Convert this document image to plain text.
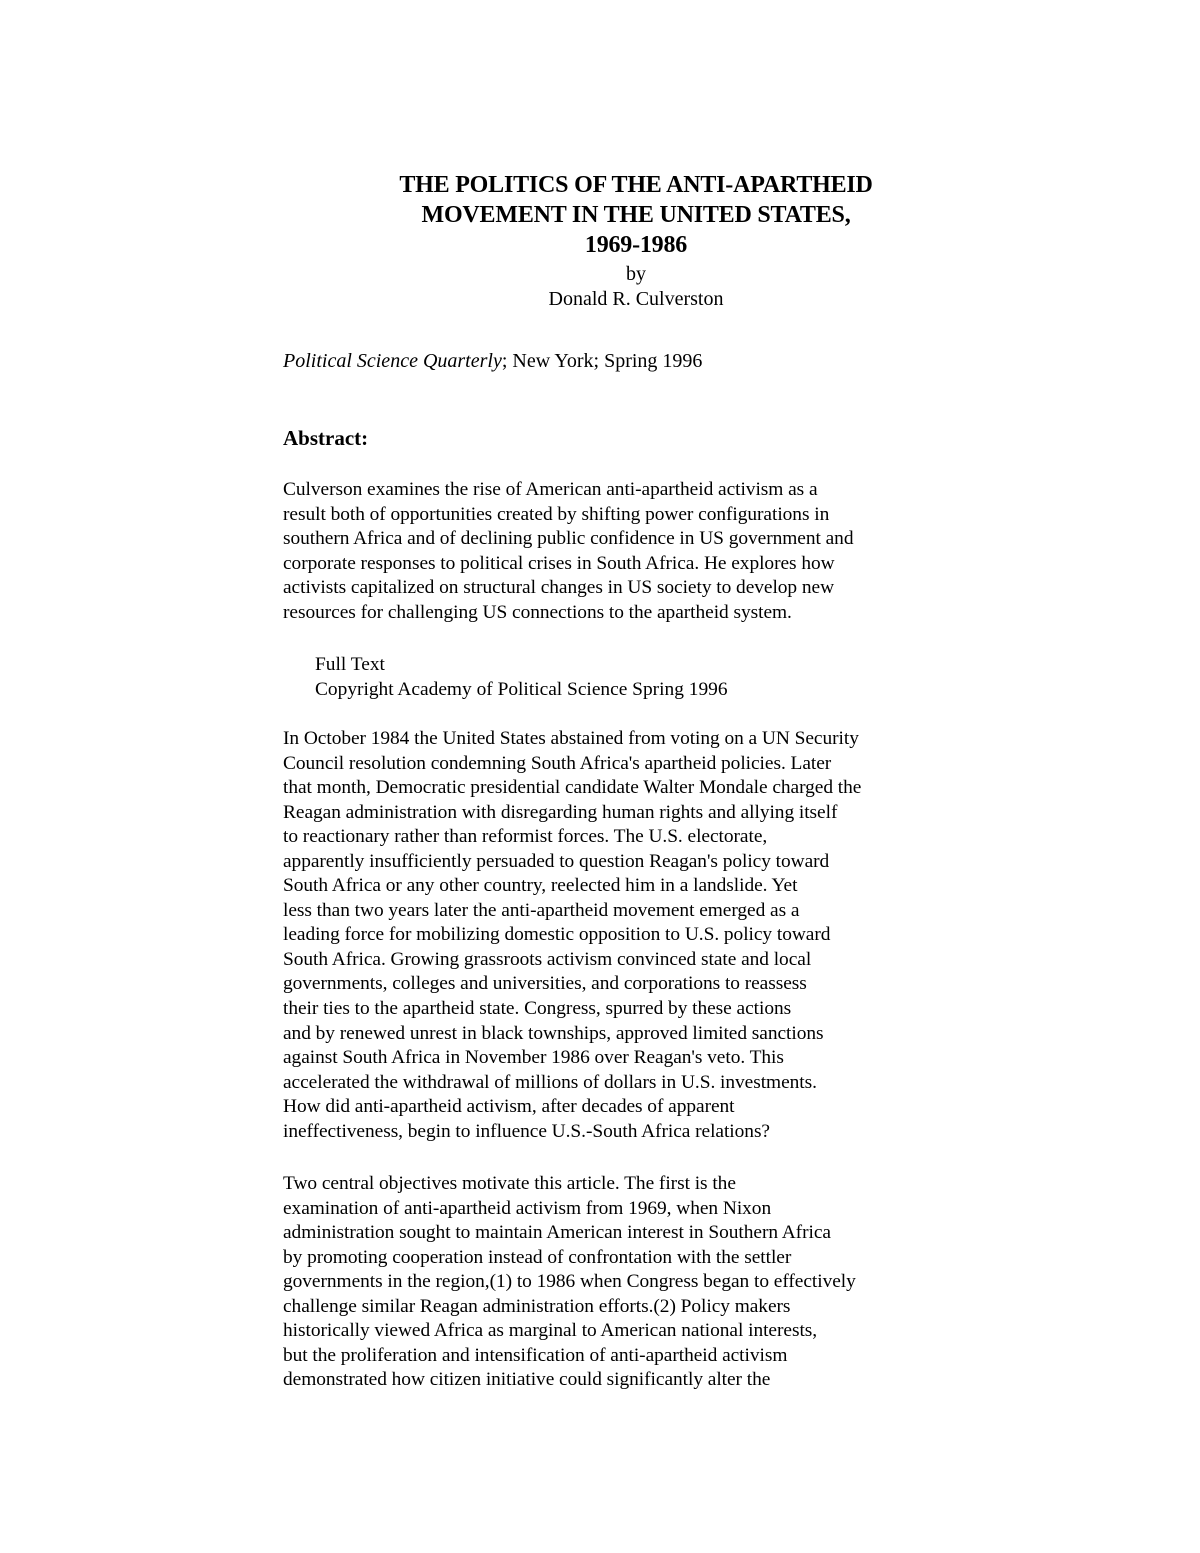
THE POLITICS OF THE ANTI-APARTHEID
MOVEMENT IN THE UNITED STATES,
1969-1986
by
Donald R. Culverston
Political Science Quarterly; New York; Spring 1996
Abstract:
Culverson examines the rise of American anti-apartheid activism as a
result both of opportunities created by shifting power configurations in
southern Africa and of declining public confidence in US government and
corporate responses to political crises in South Africa. He explores how
activists capitalized on structural changes in US society to develop new
resources for challenging US connections to the apartheid system.
Full Text
Copyright Academy of Political Science Spring 1996
In October 1984 the United States abstained from voting on a UN Security
Council resolution condemning South Africa's apartheid policies. Later
that month, Democratic presidential candidate Walter Mondale charged the
Reagan administration with disregarding human rights and allying itself
to reactionary rather than reformist forces. The U.S. electorate,
apparently insufficiently persuaded to question Reagan's policy toward
South Africa or any other country, reelected him in a landslide. Yet
less than two years later the anti-apartheid movement emerged as a
leading force for mobilizing domestic opposition to U.S. policy toward
South Africa. Growing grassroots activism convinced state and local
governments, colleges and universities, and corporations to reassess
their ties to the apartheid state. Congress, spurred by these actions
and by renewed unrest in black townships, approved limited sanctions
against South Africa in November 1986 over Reagan's veto. This
accelerated the withdrawal of millions of dollars in U.S. investments.
How did anti-apartheid activism, after decades of apparent
ineffectiveness, begin to influence U.S.-South Africa relations?
Two central objectives motivate this article. The first is the
examination of anti-apartheid activism from 1969, when Nixon
administration sought to maintain American interest in Southern Africa
by promoting cooperation instead of confrontation with the settler
governments in the region,(1) to 1986 when Congress began to effectively
challenge similar Reagan administration efforts.(2) Policy makers
historically viewed Africa as marginal to American national interests,
but the proliferation and intensification of anti-apartheid activism
demonstrated how citizen initiative could significantly alter the
